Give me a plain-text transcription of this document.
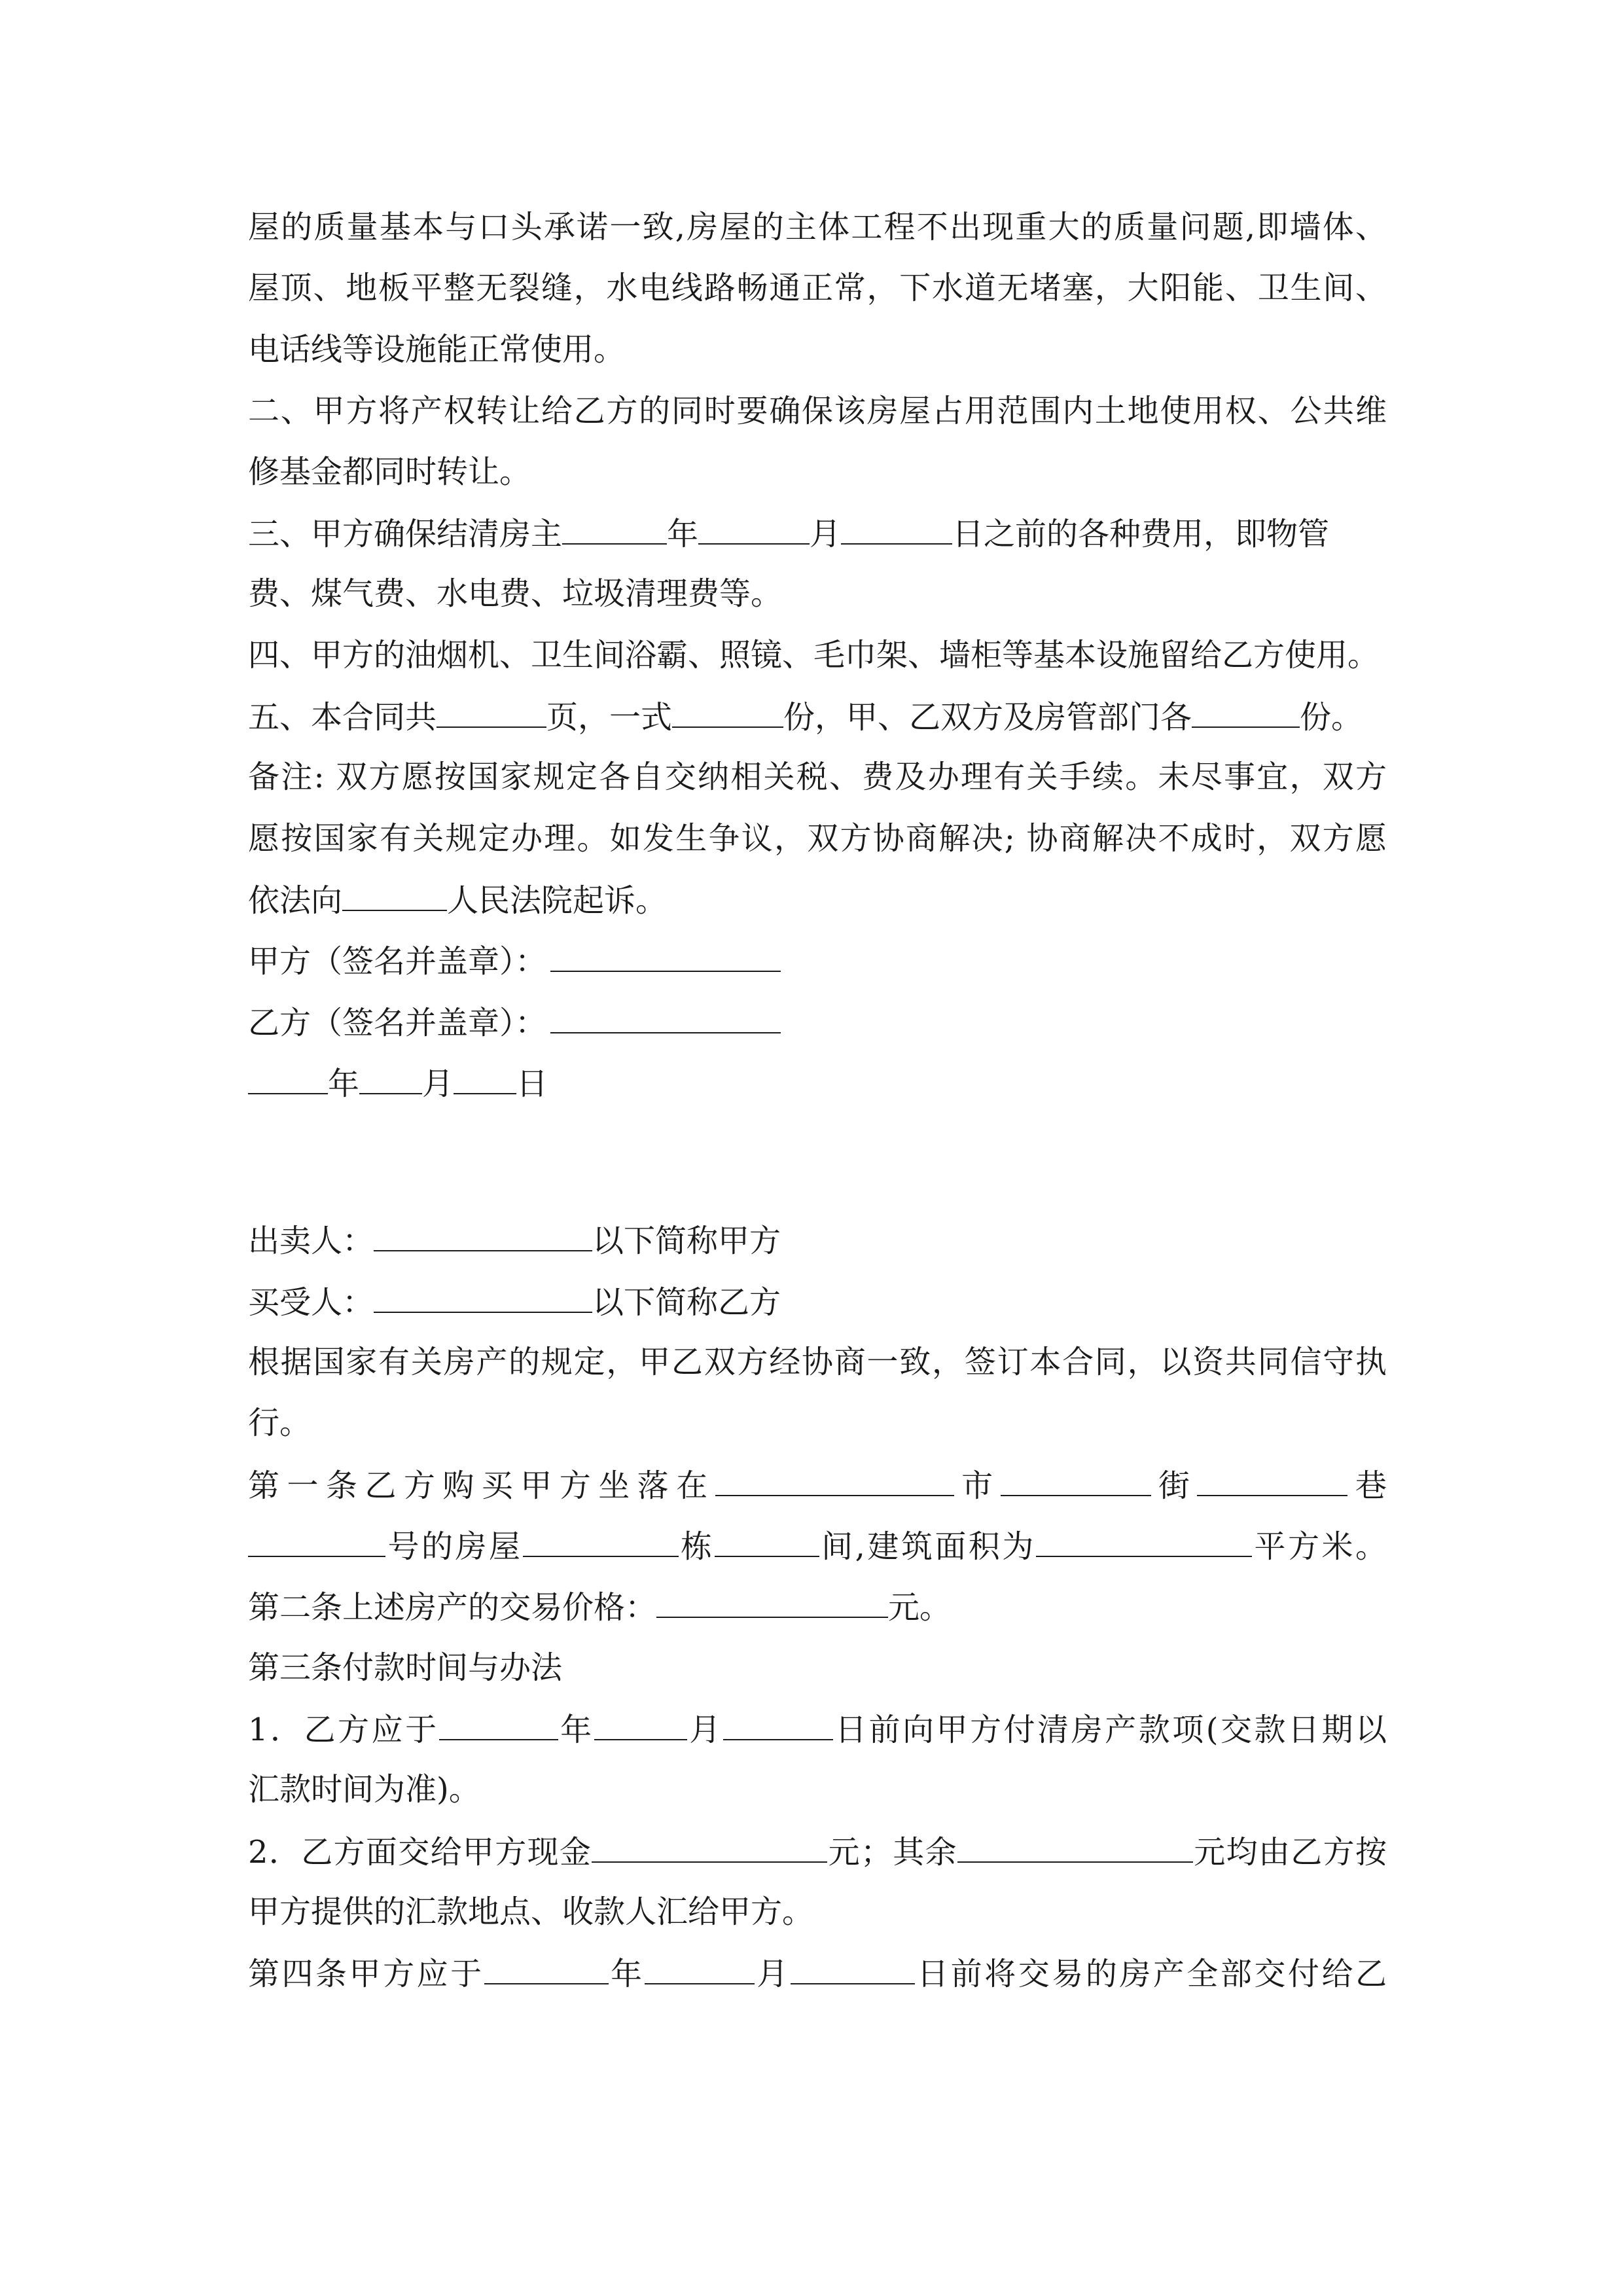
屋的质量基本与口头承诺一致,房屋的主体工程不出现重大的质量问题,即墙体、
屋顶、地板平整无裂缝，水电线路畅通正常，下水道无堵塞，大阳能、卫生间、
电话线等设施能正常使用。
二、甲方将产权转让给乙方的同时要确保该房屋占用范围内土地使用权、公共维
修基金都同时转让。
三、甲方确保结清房主	年	月	日之前的各种费用，即物管
费、煤气费、水电费、垃圾清理费等。
四、甲方的油烟机、卫生间浴霸、照镜、毛巾架、墙柜等基本设施留给乙方使用。
五、本合同共	页，一式	份，甲、乙双方及房管部门各	份。
备注: 双方愿按国家规定各自交纳相关税、费及办理有关手续。未尽事宜，双方
愿按国家有关规定办理。如发生争议，双方协商解决; 协商解决不成时，双方愿
依法向	人民法院起诉。
甲方（签名并盖章）：
乙方（签名并盖章）：
年 月 日
出卖人：	以下简称甲方
买受人：	以下简称乙方
根据国家有关房产的规定，甲乙双方经协商一致，签订本合同，以资共同信守执
行。
第一条乙方购买甲方坐落在	市	街	巷
号的房屋	栋	间,建筑面积为	平方米。
第二条上述房产的交易价格：	元。
第三条付款时间与办法
1．乙方应于	年	月	日前向甲方付清房产款项(交款日期以
汇款时间为准)。
2．乙方面交给甲方现金	元；其余	元均由乙方按
甲方提供的汇款地点、收款人汇给甲方。
第四条甲方应于	年	月	日前将交易的房产全部交付给乙
